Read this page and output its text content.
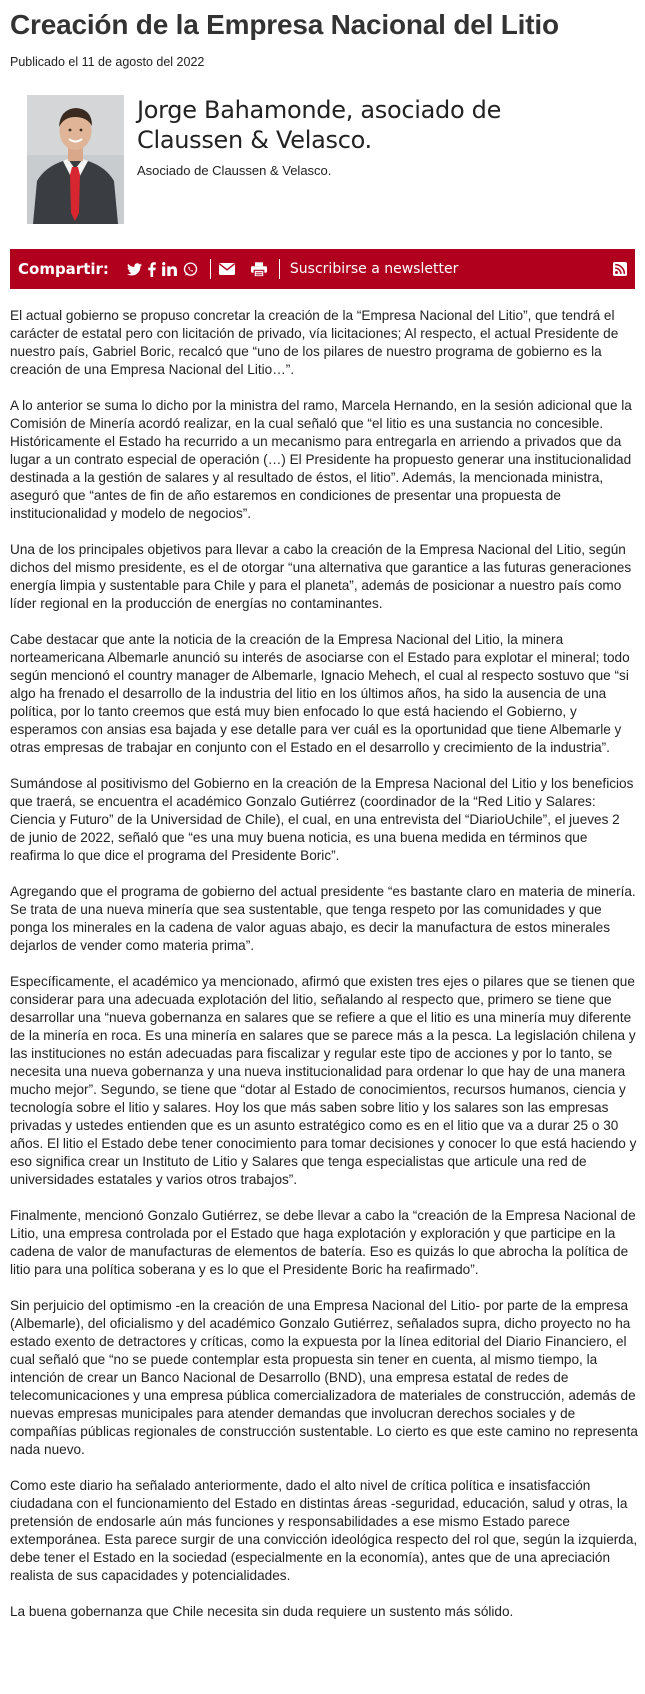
Creación de la Empresa Nacional del Litio
Publicado el 11 de agosto del 2022
Jorge Bahamonde, asociado de Claussen & Velasco.
Asociado de Claussen & Velasco.
Compartir:	Suscribirse a newsletter

El actual gobierno se propuso concretar la creación de la “Empresa Nacional del Litio”, que tendrá el carácter de estatal pero con licitación de privado, vía licitaciones; Al respecto, el actual Presidente de nuestro país, Gabriel Boric, recalcó que “uno de los pilares de nuestro programa de gobierno es la creación de una Empresa Nacional del Litio…”.

A lo anterior se suma lo dicho por la ministra del ramo, Marcela Hernando, en la sesión adicional que la Comisión de Minería acordó realizar, en la cual señaló que “el litio es una sustancia no concesible. Históricamente el Estado ha recurrido a un mecanismo para entregarla en arriendo a privados que da lugar a un contrato especial de operación (…) El Presidente ha propuesto generar una institucionalidad destinada a la gestión de salares y al resultado de éstos, el litio”. Además, la mencionada ministra, aseguró que “antes de fin de año estaremos en condiciones de presentar una propuesta de institucionalidad y modelo de negocios”.

Una de los principales objetivos para llevar a cabo la creación de la Empresa Nacional del Litio, según dichos del mismo presidente, es el de otorgar “una alternativa que garantice a las futuras generaciones energía limpia y sustentable para Chile y para el planeta”, además de posicionar a nuestro país como líder regional en la producción de energías no contaminantes.

Cabe destacar que ante la noticia de la creación de la Empresa Nacional del Litio, la minera norteamericana Albemarle anunció su interés de asociarse con el Estado para explotar el mineral; todo según mencionó el country manager de Albemarle, Ignacio Mehech, el cual al respecto sostuvo que “si algo ha frenado el desarrollo de la industria del litio en los últimos años, ha sido la ausencia de una política, por lo tanto creemos que está muy bien enfocado lo que está haciendo el Gobierno, y esperamos con ansias esa bajada y ese detalle para ver cuál es la oportunidad que tiene Albemarle y otras empresas de trabajar en conjunto con el Estado en el desarrollo y crecimiento de la industria”.

Sumándose al positivismo del Gobierno en la creación de la Empresa Nacional del Litio y los beneficios que traerá, se encuentra el académico Gonzalo Gutiérrez (coordinador de la “Red Litio y Salares: Ciencia y Futuro” de la Universidad de Chile), el cual, en una entrevista del “DiarioUchile”, el jueves 2 de junio de 2022, señaló que “es una muy buena noticia, es una buena medida en términos que reafirma lo que dice el programa del Presidente Boric”.

Agregando que el programa de gobierno del actual presidente “es bastante claro en materia de minería. Se trata de una nueva minería que sea sustentable, que tenga respeto por las comunidades y que ponga los minerales en la cadena de valor aguas abajo, es decir la manufactura de estos minerales dejarlos de vender como materia prima”.

Específicamente, el académico ya mencionado, afirmó que existen tres ejes o pilares que se tienen que considerar para una adecuada explotación del litio, señalando al respecto que, primero se tiene que desarrollar una “nueva gobernanza en salares que se refiere a que el litio es una minería muy diferente de la minería en roca. Es una minería en salares que se parece más a la pesca. La legislación chilena y las instituciones no están adecuadas para fiscalizar y regular este tipo de acciones y por lo tanto, se necesita una nueva gobernanza y una nueva institucionalidad para ordenar lo que hay de una manera mucho mejor”. Segundo, se tiene que “dotar al Estado de conocimientos, recursos humanos, ciencia y tecnología sobre el litio y salares. Hoy los que más saben sobre litio y los salares son las empresas privadas y ustedes entienden que es un asunto estratégico como es en el litio que va a durar 25 o 30 años. El litio el Estado debe tener conocimiento para tomar decisiones y conocer lo que está haciendo y eso significa crear un Instituto de Litio y Salares que tenga especialistas que articule una red de universidades estatales y varios otros trabajos”.

Finalmente, mencionó Gonzalo Gutiérrez, se debe llevar a cabo la “creación de la Empresa Nacional de Litio, una empresa controlada por el Estado que haga explotación y exploración y que participe en la cadena de valor de manufacturas de elementos de batería. Eso es quizás lo que abrocha la política de litio para una política soberana y es lo que el Presidente Boric ha reafirmado”.

Sin perjuicio del optimismo -en la creación de una Empresa Nacional del Litio- por parte de la empresa (Albemarle), del oficialismo y del académico Gonzalo Gutiérrez, señalados supra, dicho proyecto no ha estado exento de detractores y críticas, como la expuesta por la línea editorial del Diario Financiero, el cual señaló que “no se puede contemplar esta propuesta sin tener en cuenta, al mismo tiempo, la intención de crear un Banco Nacional de Desarrollo (BND), una empresa estatal de redes de telecomunicaciones y una empresa pública comercializadora de materiales de construcción, además de nuevas empresas municipales para atender demandas que involucran derechos sociales y de compañías públicas regionales de construcción sustentable. Lo cierto es que este camino no representa nada nuevo.

Como este diario ha señalado anteriormente, dado el alto nivel de crítica política e insatisfacción ciudadana con el funcionamiento del Estado en distintas áreas -seguridad, educación, salud y otras, la pretensión de endosarle aún más funciones y responsabilidades a ese mismo Estado parece extemporánea. Esta parece surgir de una convicción ideológica respecto del rol que, según la izquierda, debe tener el Estado en la sociedad (especialmente en la economía), antes que de una apreciación realista de sus capacidades y potencialidades.

La buena gobernanza que Chile necesita sin duda requiere un sustento más sólido.
